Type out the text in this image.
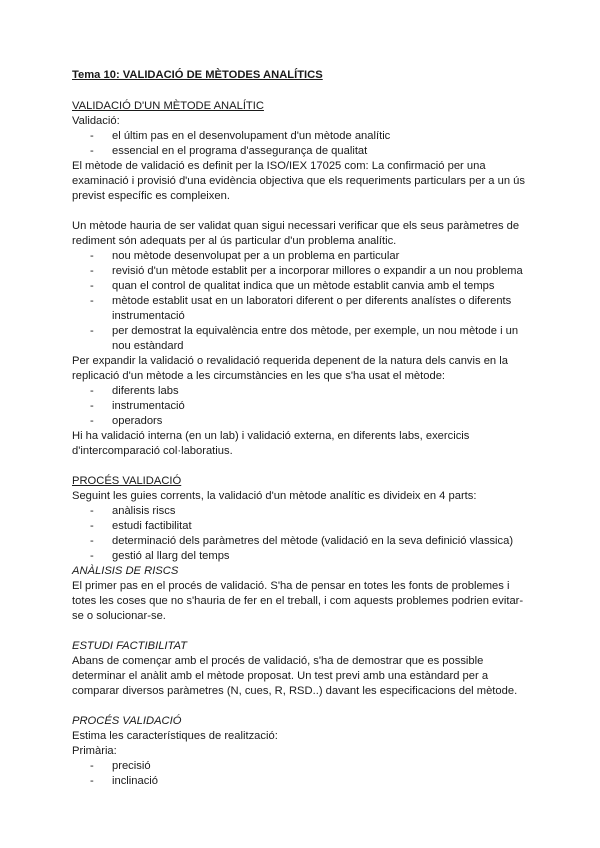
Tema 10: VALIDACIÓ DE MÈTODES ANALÍTICS
VALIDACIÓ D'UN MÈTODE ANALÍTIC

Validació:

- el últim pas en el desenvolupament d'un mètode analític
- essencial en el programa d'assegurança de qualitat

El mètode de validació es definit per la ISO/IEX 17025 com: La confirmació per una examinació i provisió d'una evidència objectiva que els requeriments particulars per a un ús previst específic es compleixen.

Un mètode hauria de ser validat quan sigui necessari verificar que els seus paràmetres de rediment són adequats per al ús particular d'un problema analític.

- nou mètode desenvolupat per a un problema en particular
- revisió d'un mètode establit per a incorporar millores o expandir a un nou problema
- quan el control de qualitat indica que un mètode establit canvia amb el temps
- mètode establit usat en un laboratori diferent o per diferents analístes o diferents instrumentació
- per demostrat la equivalència entre dos mètode, per exemple, un nou mètode i un nou estàndard

Per expandir la validació o revalidació requerida depenent de la natura dels canvis en la replicació d'un mètode a les circumstàncies en les que s'ha usat el mètode:

- diferents labs
- instrumentació
- operadors

Hi ha validació interna (en un lab) i validació externa, en diferents labs, exercicis d'intercomparació col·laboratius.

PROCÉS VALIDACIÓ

Seguint les guies corrents, la validació d'un mètode analític es divideix en 4 parts:

- anàlisis riscs
- estudi factibilitat
- determinació dels paràmetres del mètode (validació en la seva definició vlassica)
- gestió al llarg del temps
ANÀLISIS DE RISCS

El primer pas en el procés de validació. S'ha de pensar en totes les fonts de problemes i totes les coses que no s'hauria de fer en el treball, i com aquests problemes podrien evitar-se o solucionar-se.

ESTUDI FACTIBILITAT

Abans de començar amb el procés de validació, s'ha de demostrar que es possible determinar el anàlit amb el mètode proposat. Un test previ amb una estàndard per a comparar diversos paràmetres (N, cues, R, RSD..) davant les especificacions del mètode.

PROCÉS VALIDACIÓ

Estima les característiques de realització:

Primària:

- precisió
- inclinació
